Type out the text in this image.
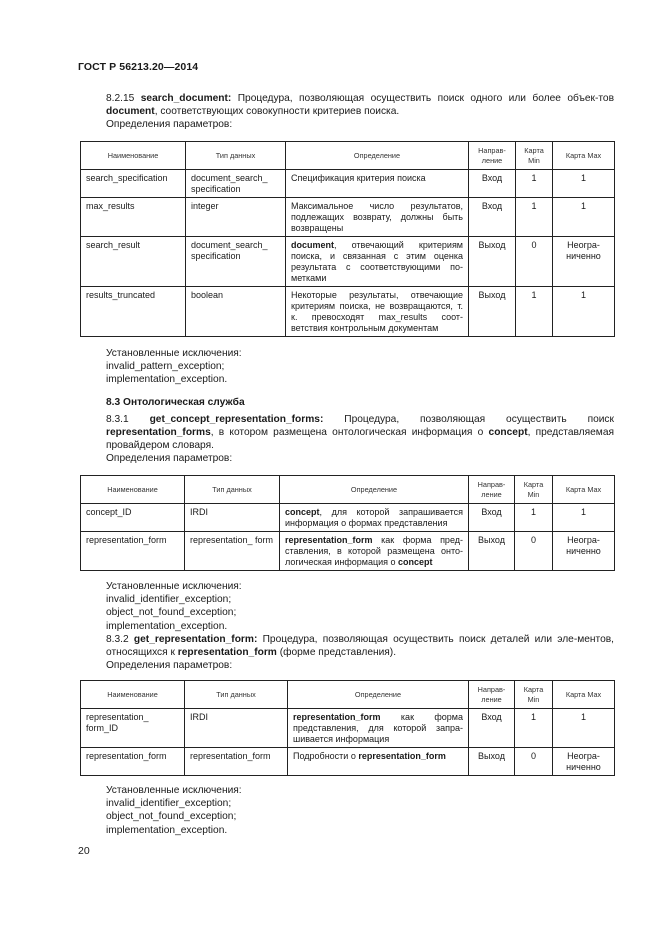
ГОСТ Р 56213.20—2014

8.2.15 search_document: Процедура, позволяющая осуществить поиск одного или более объек-тов document, соответствующих совокупности критериев поиска.

Определения параметров:

Наименование	Тип данных	Определение	Направ-ление	Карта Min	Карта Max
search_specification	document_search_ specification	Спецификация критерия поиска	Вход	1	1
max_results	integer	Максимальное число результатов, подлежащих возврату, должны быть возвращены	Вход	1	1
search_result	document_search_ specification	document, отвечающий критериям поиска, и связанная с этим оценка результата с соответствующими по-метками	Выход	0	Неогра-ниченно
results_truncated	boolean	Некоторые результаты, отвечающие критериям поиска, не возвращаются, т. к. превосходят max_results соот-ветствия контрольным документам	Выход	1	1
Установленные исключения:
invalid_pattern_exception;
implementation_exception.

8.3 Онтологическая служба

8.3.1 get_concept_representation_forms: Процедура, позволяющая осуществить поиск representation_forms, в котором размещена онтологическая информация о concept, представляемая провайдером словаря.

Определения параметров:

Наименование	Тип данных	Определение	Направ-ление	Карта Min	Карта Max
concept_ID	IRDI	concept, для которой запрашивается информация о формах представления	Вход	1	1
representation_form	representation_ form	representation_form как форма пред-ставления, в которой размещена онто-логическая информация о concept	Выход	0	Неогра-ниченно
Установленные исключения:
invalid_identifier_exception;
object_not_found_exception;
implementation_exception.

8.3.2 get_representation_form: Процедура, позволяющая осуществить поиск деталей или эле-ментов, относящихся к representation_form (форме представления).

Определения параметров:

Наименование	Тип данных	Определение	Направ-ление	Карта Min	Карта Max
representation_ form_ID	IRDI	representation_form как форма представления, для которой запра-шивается информация	Вход	1	1
representation_form	representation_form	Подробности о representation_form	Выход	0	Неогра-ниченно
Установленные исключения:
invalid_identifier_exception;
object_not_found_exception;
implementation_exception.
20
